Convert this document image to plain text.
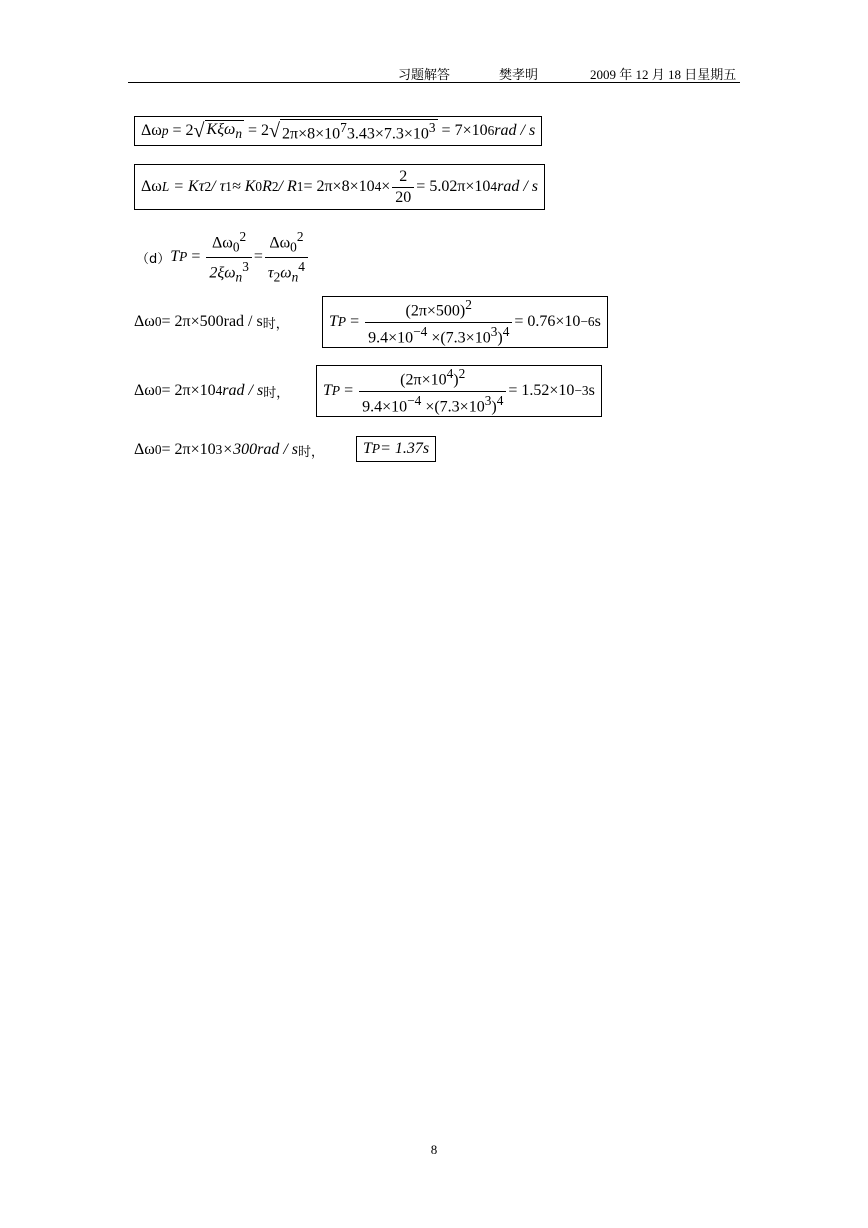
习题解答	樊孝明	2009 年 12 月 18 日星期五
Δω p
= 2 √ Kξω$_n$
= 2 √ $2\pi\times 8\times 10^73.43\times 7.3\times 10^3$
= 7×10 6 rad / s
Δω L
= Kτ 2 / τ 1 ≈ K 0 R 2 / R 1 = 2π×8×10 $4 \times \frac{2}{20} = 5.02\pi\times 10$ 4 rad / s
（d） T $P = \frac{\Delta\omega_0^2}{2\xi\omega_n^3} = \frac{\Delta\omega_0^2}{\tau_2\omega_n^4}$
Δω 0 = 2π×500rad / s 时，	T $P = \frac{(2\pi\times 500)^2}{9.4\times 10^{-4} \times(7.3\times 10^3)^4} = 0.76\times 10 -6$ s
Δω 0 = 2π×10 4 rad / s 时， T $P = \frac{(2\pi\times 10^4)^2}{9.4\times 10^{-4} \times(7.3\times 10^3)^4} = 1.52\times 10 -3$ s
Δω 0 = 2π×10 3 ×300rad / s 时， T P = 1.37s
8
